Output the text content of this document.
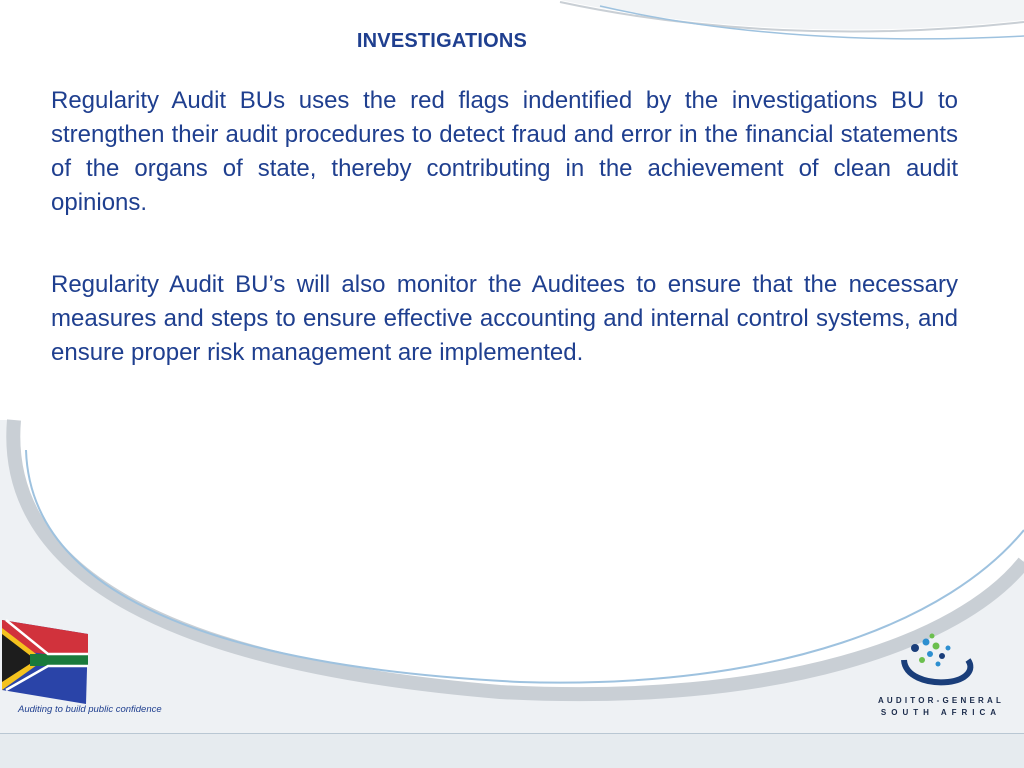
INVESTIGATIONS

Regularity Audit BUs uses the red flags indentified by the investigations BU to strengthen their audit procedures to detect fraud and error in the financial statements of the organs of state, thereby contributing in the achievement of clean audit opinions.

Regularity Audit BU’s will also monitor the Auditees to ensure that the necessary measures and steps to ensure effective accounting and internal control systems, and ensure proper risk management are implemented.

Auditing to build public confidence
AUDITOR-GENERAL
SOUTH AFRICA
